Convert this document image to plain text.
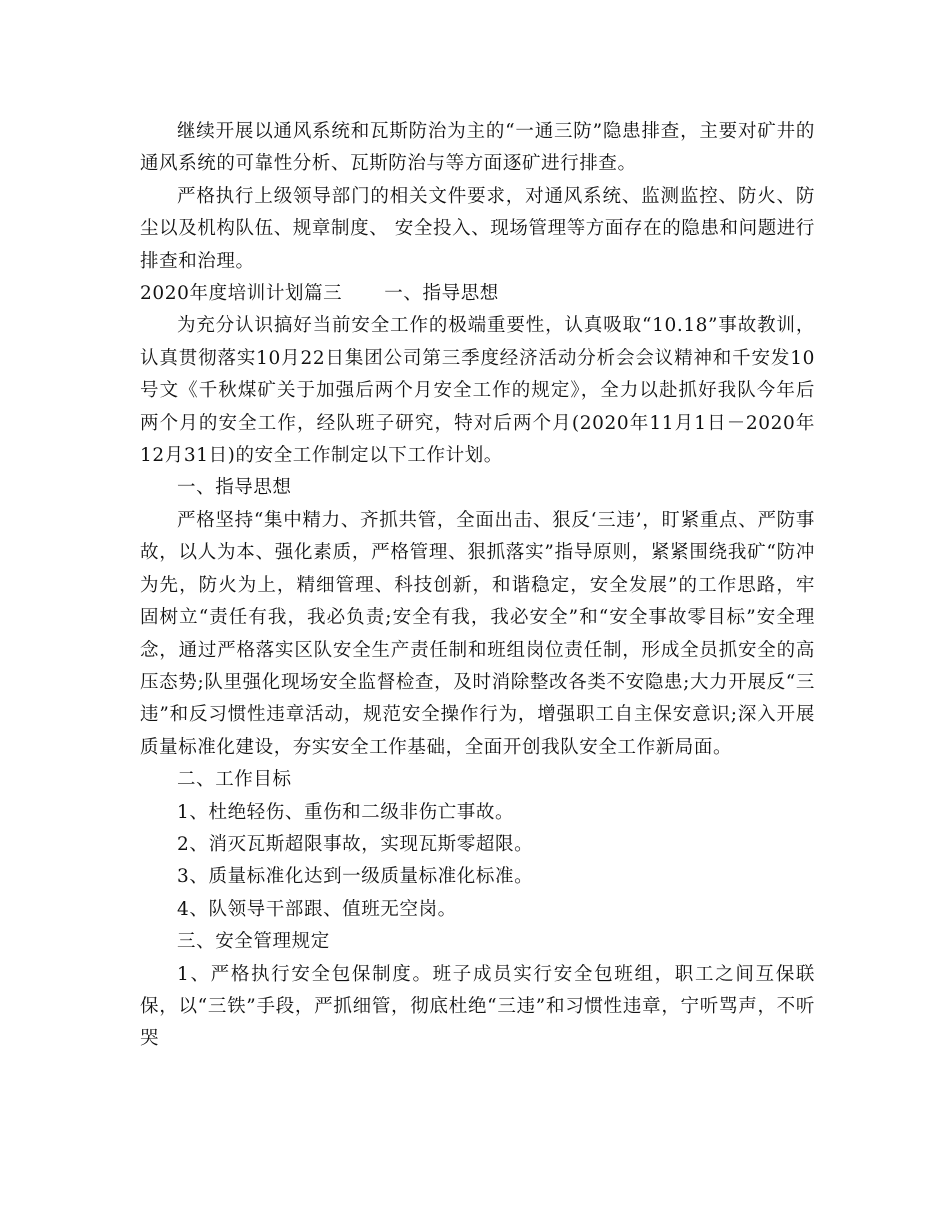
继续开展以通风系统和瓦斯防治为主的“一通三防”隐患排查，主要对矿井的通风系统的可靠性分析、瓦斯防治与等方面逐矿进行排查。

严格执行上级领导部门的相关文件要求，对通风系统、监测监控、防火、防尘以及机构队伍、规章制度、 安全投入、现场管理等方面存在的隐患和问题进行排查和治理。

2020年度培训计划篇三 一、指导思想

为充分认识搞好当前安全工作的极端重要性，认真吸取“10.18”事故教训，认真贯彻落实10月22日集团公司第三季度经济活动分析会会议精神和千安发10号文《千秋煤矿关于加强后两个月安全工作的规定》，全力以赴抓好我队今年后两个月的安全工作，经队班子研究，特对后两个月(2020年11月1日－2020年12月31日)的安全工作制定以下工作计划。

一、指导思想

严格坚持“集中精力、齐抓共管，全面出击、狠反‘三违’，盯紧重点、严防事故，以人为本、强化素质，严格管理、狠抓落实”指导原则，紧紧围绕我矿“防冲为先，防火为上，精细管理、科技创新，和谐稳定，安全发展”的工作思路，牢固树立“责任有我，我必负责;安全有我，我必安全”和“安全事故零目标”安全理念，通过严格落实区队安全生产责任制和班组岗位责任制，形成全员抓安全的高压态势;队里强化现场安全监督检查，及时消除整改各类不安隐患;大力开展反“三违”和反习惯性违章活动，规范安全操作行为，增强职工自主保安意识;深入开展质量标准化建设，夯实安全工作基础，全面开创我队安全工作新局面。

二、工作目标

1、杜绝轻伤、重伤和二级非伤亡事故。

2、消灭瓦斯超限事故，实现瓦斯零超限。

3、质量标准化达到一级质量标准化标准。

4、队领导干部跟、值班无空岗。

三、安全管理规定

1、严格执行安全包保制度。班子成员实行安全包班组，职工之间互保联保，以“三铁”手段，严抓细管，彻底杜绝“三违”和习惯性违章，宁听骂声，不听哭
